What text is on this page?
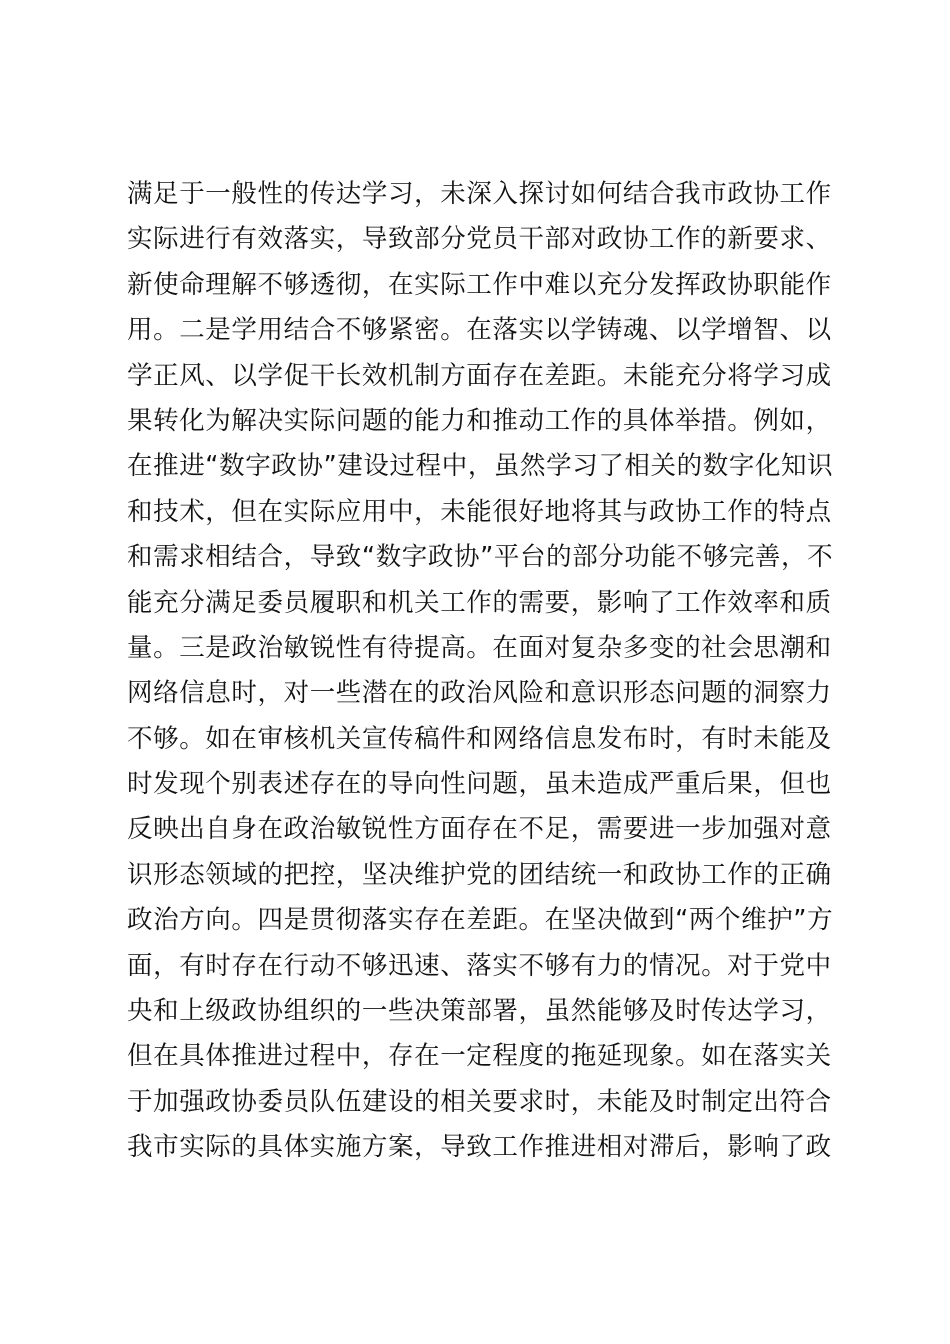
满足于一般性的传达学习，未深入探讨如何结合我市政协工作
实际进行有效落实，导致部分党员干部对政协工作的新要求、
新使命理解不够透彻，在实际工作中难以充分发挥政协职能作
用。二是学用结合不够紧密。在落实以学铸魂、以学增智、以
学正风、以学促干长效机制方面存在差距。未能充分将学习成
果转化为解决实际问题的能力和推动工作的具体举措。例如，
在推进“数字政协”建设过程中，虽然学习了相关的数字化知识
和技术，但在实际应用中，未能很好地将其与政协工作的特点
和需求相结合，导致“数字政协”平台的部分功能不够完善，不
能充分满足委员履职和机关工作的需要，影响了工作效率和质
量。三是政治敏锐性有待提高。在面对复杂多变的社会思潮和
网络信息时，对一些潜在的政治风险和意识形态问题的洞察力
不够。如在审核机关宣传稿件和网络信息发布时，有时未能及
时发现个别表述存在的导向性问题，虽未造成严重后果，但也
反映出自身在政治敏锐性方面存在不足，需要进一步加强对意
识形态领域的把控，坚决维护党的团结统一和政协工作的正确
政治方向。四是贯彻落实存在差距。在坚决做到“两个维护”方
面，有时存在行动不够迅速、落实不够有力的情况。对于党中
央和上级政协组织的一些决策部署，虽然能够及时传达学习，
但在具体推进过程中，存在一定程度的拖延现象。如在落实关
于加强政协委员队伍建设的相关要求时，未能及时制定出符合
我市实际的具体实施方案，导致工作推进相对滞后，影响了政
